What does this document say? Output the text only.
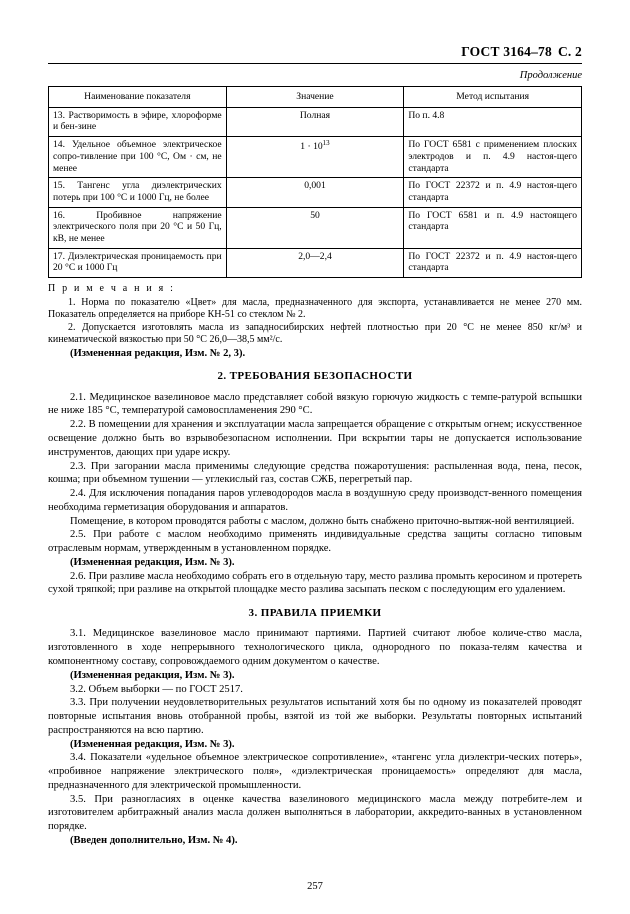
ГОСТ 3164–78 С. 2
Продолжение
Наименование показателя	Значение	Метод испытания
13. Растворимость в эфире, хлороформе и бен-зине	Полная	По п. 4.8
14. Удельное объемное электрическое сопро-тивление при 100 °С, Ом · см, не менее	$1 \cdot 10^{13}$	По ГОСТ 6581 с применением плоских электродов и п. 4.9 настоя-щего стандарта
15. Тангенс угла диэлектрических потерь при 100 °С и 1000 Гц, не более	0,001	По ГОСТ 22372 и п. 4.9 настоя-щего стандарта
16. Пробивное напряжение электрического поля при 20 °С и 50 Гц, кВ, не менее	50	По ГОСТ 6581 и п. 4.9 настоящего стандарта
17. Диэлектрическая проницаемость при 20 °С и 1000 Гц	2,0—2,4	По ГОСТ 22372 и п. 4.9 настоя-щего стандарта
П р и м е ч а н и я :

1. Норма по показателю «Цвет» для масла, предназначенного для экспорта, устанавливается не менее 270 мм. Показатель определяется на приборе КН-51 со стеклом № 2.

2. Допускается изготовлять масла из западносибирских нефтей плотностью при 20 °С не менее 850 кг/м³ и кинематической вязкостью при 50 °С 26,0—38,5 мм²/с.

(Измененная редакция, Изм. № 2, 3).

2. ТРЕБОВАНИЯ БЕЗОПАСНОСТИ

2.1. Медицинское вазелиновое масло представляет собой вязкую горючую жидкость с темпе-ратурой вспышки не ниже 185 °С, температурой самовоспламенения 290 °С.

2.2. В помещении для хранения и эксплуатации масла запрещается обращение с открытым огнем; искусственное освещение должно быть во взрывобезопасном исполнении. При вскрытии тары не допускается использование инструментов, дающих при ударе искру.

2.3. При загорании масла применимы следующие средства пожаротушения: распыленная вода, пена, песок, кошма; при объемном тушении — углекислый газ, состав СЖБ, перегретый пар.

2.4. Для исключения попадания паров углеводородов масла в воздушную среду производст-венного помещения необходима герметизация оборудования и аппаратов.

Помещение, в котором проводятся работы с маслом, должно быть снабжено приточно-вытяж-ной вентиляцией.

2.5. При работе с маслом необходимо применять индивидуальные средства защиты согласно типовым отраслевым нормам, утвержденным в установленном порядке.

(Измененная редакция, Изм. № 3).

2.6. При разливе масла необходимо собрать его в отдельную тару, место разлива промыть керосином и протереть сухой тряпкой; при разливе на открытой площадке место разлива засыпать песком с последующим его удалением.

3. ПРАВИЛА ПРИЕМКИ

3.1. Медицинское вазелиновое масло принимают партиями. Партией считают любое количе-ство масла, изготовленного в ходе непрерывного технологического цикла, однородного по показа-телям качества и компонентному составу, сопровождаемого одним документом о качестве.

(Измененная редакция, Изм. № 3).

3.2. Объем выборки — по ГОСТ 2517.

3.3. При получении неудовлетворительных результатов испытаний хотя бы по одному из показателей проводят повторные испытания вновь отобранной пробы, взятой из той же выборки. Результаты повторных испытаний распространяются на всю партию.

(Измененная редакция, Изм. № 3).

3.4. Показатели «удельное объемное электрическое сопротивление», «тангенс угла диэлектри-ческих потерь», «пробивное напряжение электрического поля», «диэлектрическая проницаемость» определяют для масла, предназначенного для электрической промышленности.

3.5. При разногласиях в оценке качества вазелинового медицинского масла между потребите-лем и изготовителем арбитражный анализ масла должен выполняться в лаборатории, аккредито-ванных в установленном порядке.

(Введен дополнительно, Изм. № 4).

257
